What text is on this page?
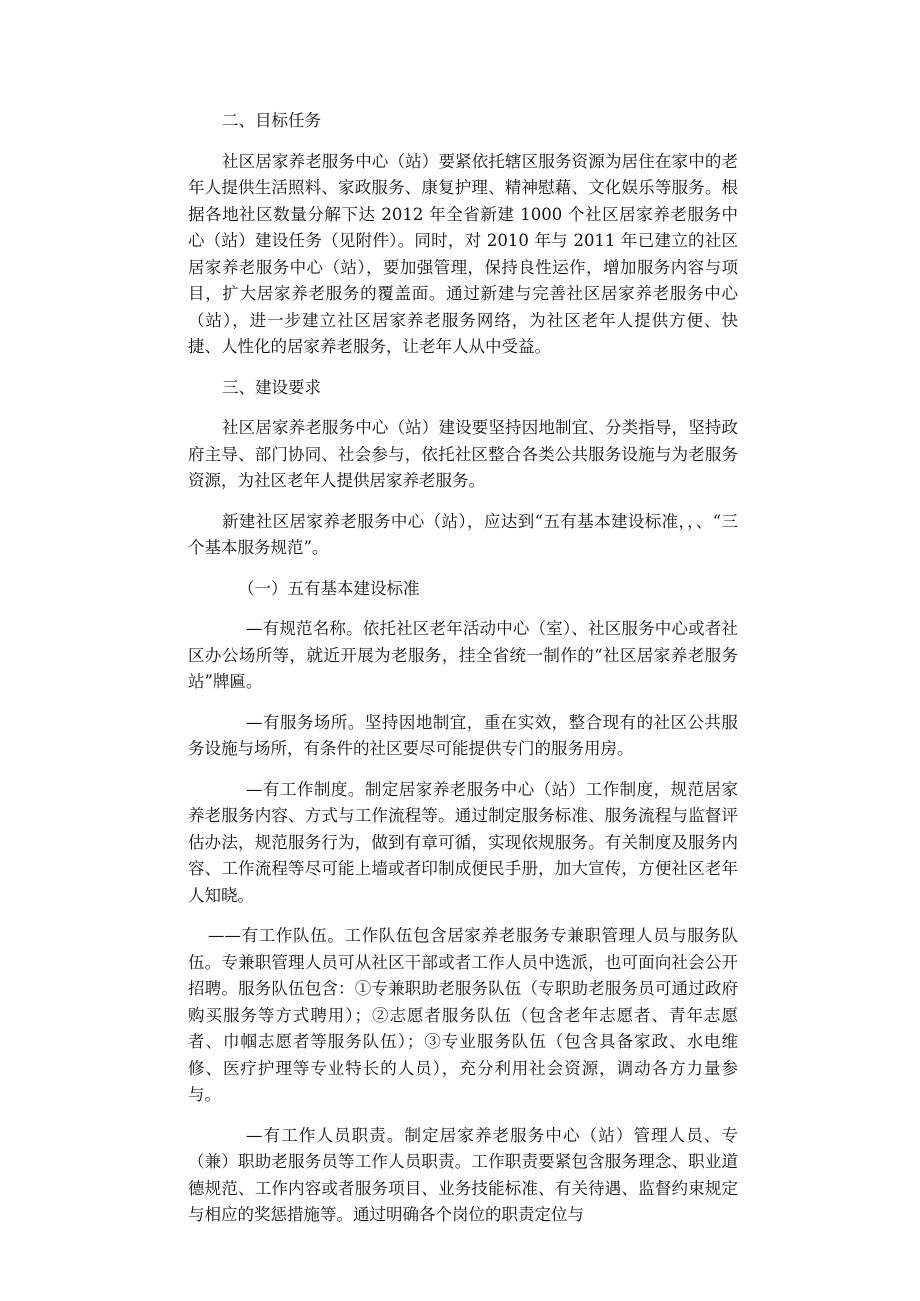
二、目标任务

社区居家养老服务中心（站）要紧依托辖区服务资源为居住在家中的老年人提供生活照料、家政服务、康复护理、精神慰藉、文化娱乐等服务。根据各地社区数量分解下达 2012 年全省新建 1000 个社区居家养老服务中心（站）建设任务（见附件）。同时，对 2010 年与 2011 年已建立的社区居家养老服务中心（站），要加强管理，保持良性运作，增加服务内容与项目，扩大居家养老服务的覆盖面。通过新建与完善社区居家养老服务中心（站），进一步建立社区居家养老服务网络，为社区老年人提供方便、快捷、人性化的居家养老服务，让老年人从中受益。

三、建设要求

社区居家养老服务中心（站）建设要坚持因地制宜、分类指导，坚持政府主导、部门协同、社会参与，依托社区整合各类公共服务设施与为老服务资源，为社区老年人提供居家养老服务。

新建社区居家养老服务中心（站），应达到“五有基本建设标准，，、“三个基本服务规范”。

（一）五有基本建设标准

—有规范名称。依托社区老年活动中心（室）、社区服务中心或者社区办公场所等，就近开展为老服务，挂全省统一制作的“社区居家养老服务站”牌匾。

—有服务场所。坚持因地制宜，重在实效，整合现有的社区公共服务设施与场所，有条件的社区要尽可能提供专门的服务用房。

—有工作制度。制定居家养老服务中心（站）工作制度，规范居家养老服务内容、方式与工作流程等。通过制定服务标准、服务流程与监督评估办法，规范服务行为，做到有章可循，实现依规服务。有关制度及服务内容、工作流程等尽可能上墙或者印制成便民手册，加大宣传，方便社区老年人知晓。

——有工作队伍。工作队伍包含居家养老服务专兼职管理人员与服务队伍。专兼职管理人员可从社区干部或者工作人员中选派，也可面向社会公开招聘。服务队伍包含：①专兼职助老服务队伍（专职助老服务员可通过政府购买服务等方式聘用）；②志愿者服务队伍（包含老年志愿者、青年志愿者、巾帼志愿者等服务队伍）；③专业服务队伍（包含具备家政、水电维修、医疗护理等专业特长的人员），充分利用社会资源，调动各方力量参与。

—有工作人员职责。制定居家养老服务中心（站）管理人员、专（兼）职助老服务员等工作人员职责。工作职责要紧包含服务理念、职业道德规范、工作内容或者服务项目、业务技能标准、有关待遇、监督约束规定与相应的奖惩措施等。通过明确各个岗位的职责定位与
